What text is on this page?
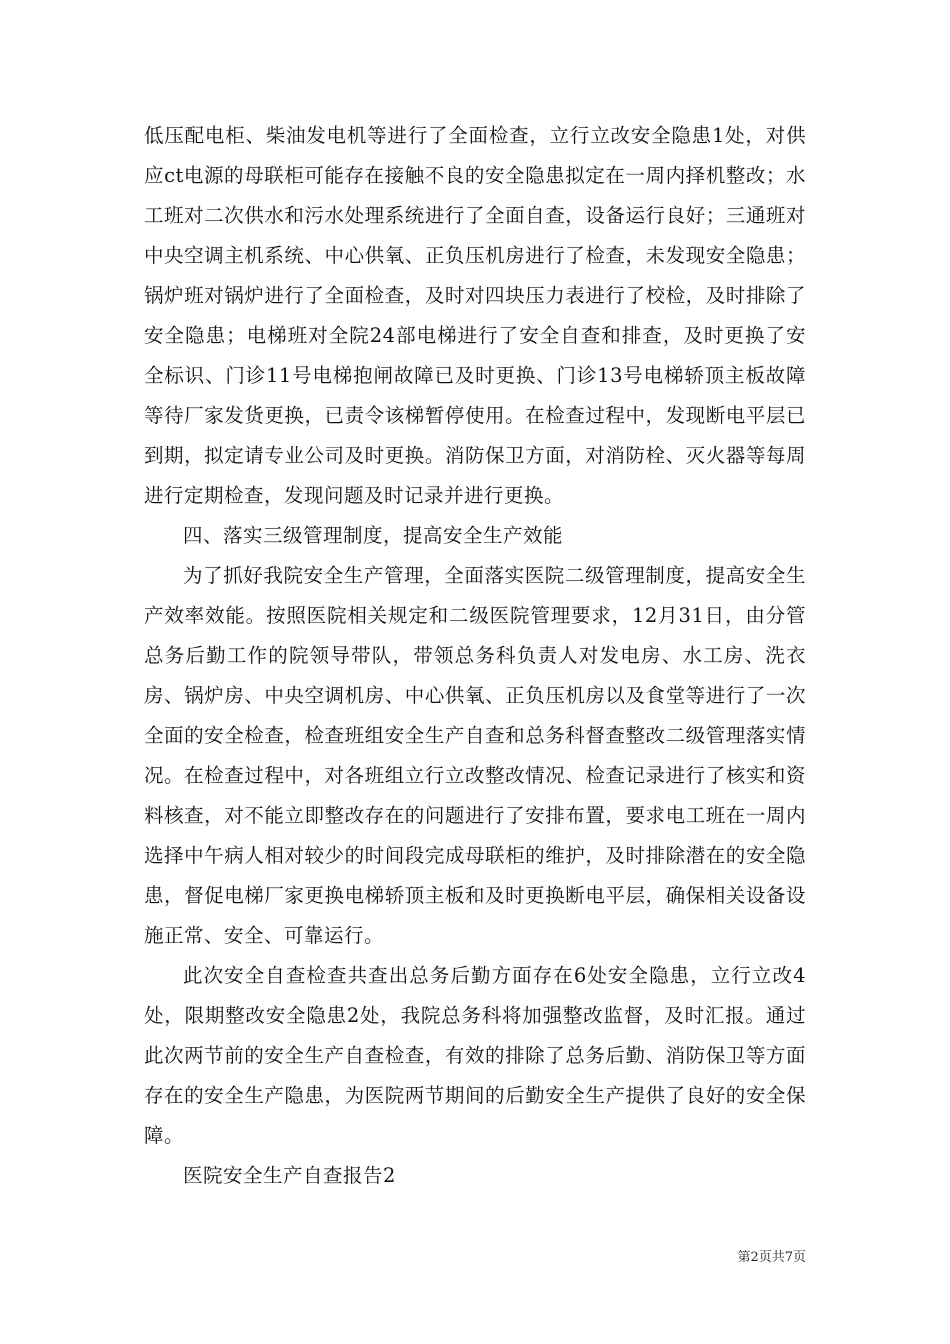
低压配电柜、柴油发电机等进行了全面检查，立行立改安全隐患1处，对供应ct电源的母联柜可能存在接触不良的安全隐患拟定在一周内择机整改；水工班对二次供水和污水处理系统进行了全面自查，设备运行良好；三通班对中央空调主机系统、中心供氧、正负压机房进行了检查，未发现安全隐患；锅炉班对锅炉进行了全面检查，及时对四块压力表进行了校检，及时排除了安全隐患；电梯班对全院24部电梯进行了安全自查和排查，及时更换了安全标识、门诊11号电梯抱闸故障已及时更换、门诊13号电梯轿顶主板故障等待厂家发货更换，已责令该梯暂停使用。在检查过程中，发现断电平层已到期，拟定请专业公司及时更换。消防保卫方面，对消防栓、灭火器等每周进行定期检查，发现问题及时记录并进行更换。

四、落实三级管理制度，提高安全生产效能

为了抓好我院安全生产管理，全面落实医院二级管理制度，提高安全生产效率效能。按照医院相关规定和二级医院管理要求，12月31日，由分管总务后勤工作的院领导带队，带领总务科负责人对发电房、水工房、洗衣房、锅炉房、中央空调机房、中心供氧、正负压机房以及食堂等进行了一次全面的安全检查，检查班组安全生产自查和总务科督查整改二级管理落实情况。在检查过程中，对各班组立行立改整改情况、检查记录进行了核实和资料核查，对不能立即整改存在的问题进行了安排布置，要求电工班在一周内选择中午病人相对较少的时间段完成母联柜的维护，及时排除潜在的安全隐患，督促电梯厂家更换电梯轿顶主板和及时更换断电平层，确保相关设备设施正常、安全、可靠运行。

此次安全自查检查共查出总务后勤方面存在6处安全隐患，立行立改4处，限期整改安全隐患2处，我院总务科将加强整改监督，及时汇报。通过此次两节前的安全生产自查检查，有效的排除了总务后勤、消防保卫等方面存在的安全生产隐患，为医院两节期间的后勤安全生产提供了良好的安全保障。

医院安全生产自查报告2

第2页共7页
